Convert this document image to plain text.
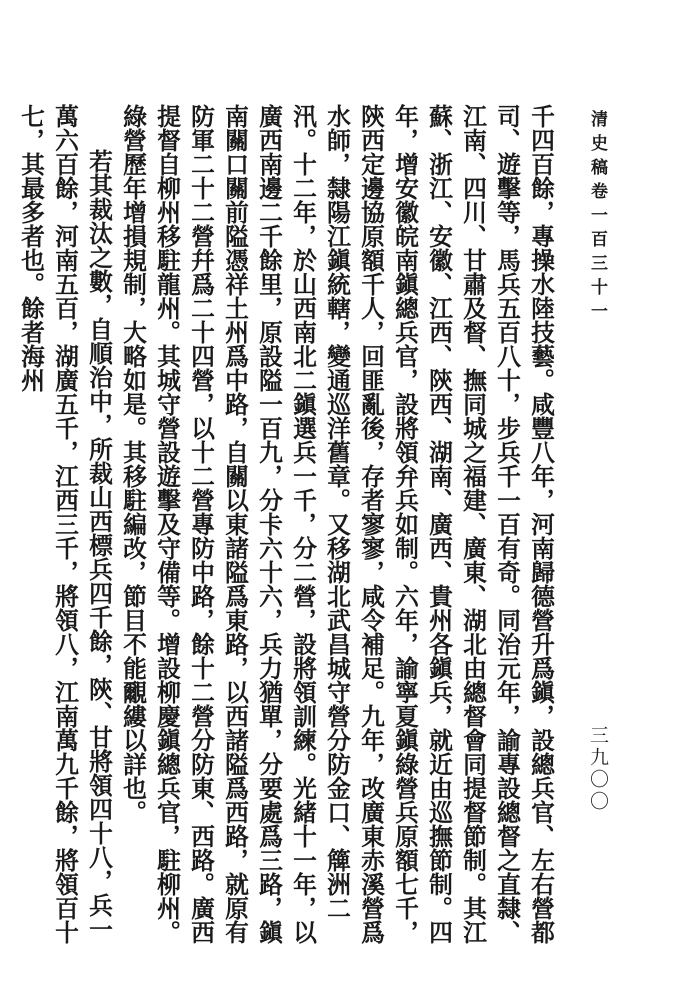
清史稿卷一百三十一
三九〇〇

千四百餘，專操水陸技藝。咸豐八年，河南歸德營升爲鎭，設總兵官、左右營都司、遊擊等，馬兵五百八十，步兵千一百有奇。同治元年，諭專設總督之直隸、江南、四川、甘肅及督、撫同城之福建、廣東、湖北由總督會同提督節制。其江蘇、浙江、安徽、江西、陝西、湖南、廣西、貴州各鎭兵，就近由巡撫節制。四年，增安徽皖南鎭總兵官，設將領弁兵如制。六年，諭寧夏鎭綠營兵原額七千，陝西定邊協原額千人，回匪亂後，存者寥寥，咸令補足。九年，改廣東赤溪營爲水師，隸陽江鎭統轄，變通巡洋舊章。又移湖北武昌城守營分防金口、簰洲二汛。十二年，於山西南北二鎭選兵一千，分二營，設將領訓練。光緒十一年，以廣西南邊二千餘里，原設隘一百九，分卡六十六，兵力猶單，分要處爲三路，鎭南關口關前隘憑祥土州爲中路，自關以東諸隘爲東路，以西諸隘爲西路，就原有防軍二十二營幷爲二十四營，以十二營專防中路，餘十二營分防東、西路。廣西提督自柳州移駐龍州。其城守營設遊擊及守備等。增設柳慶鎭總兵官，駐柳州。綠營歷年增損規制，大略如是。其移駐編改，節目不能覼縷以詳也。

若其裁汰之數，自順治中，所裁山西標兵四千餘，陝、甘將領四十八，兵一萬六百餘，河南五百，湖廣五千，江西三千，將領八，江南萬九千餘，將領百十七，其最多者也。餘者海州
